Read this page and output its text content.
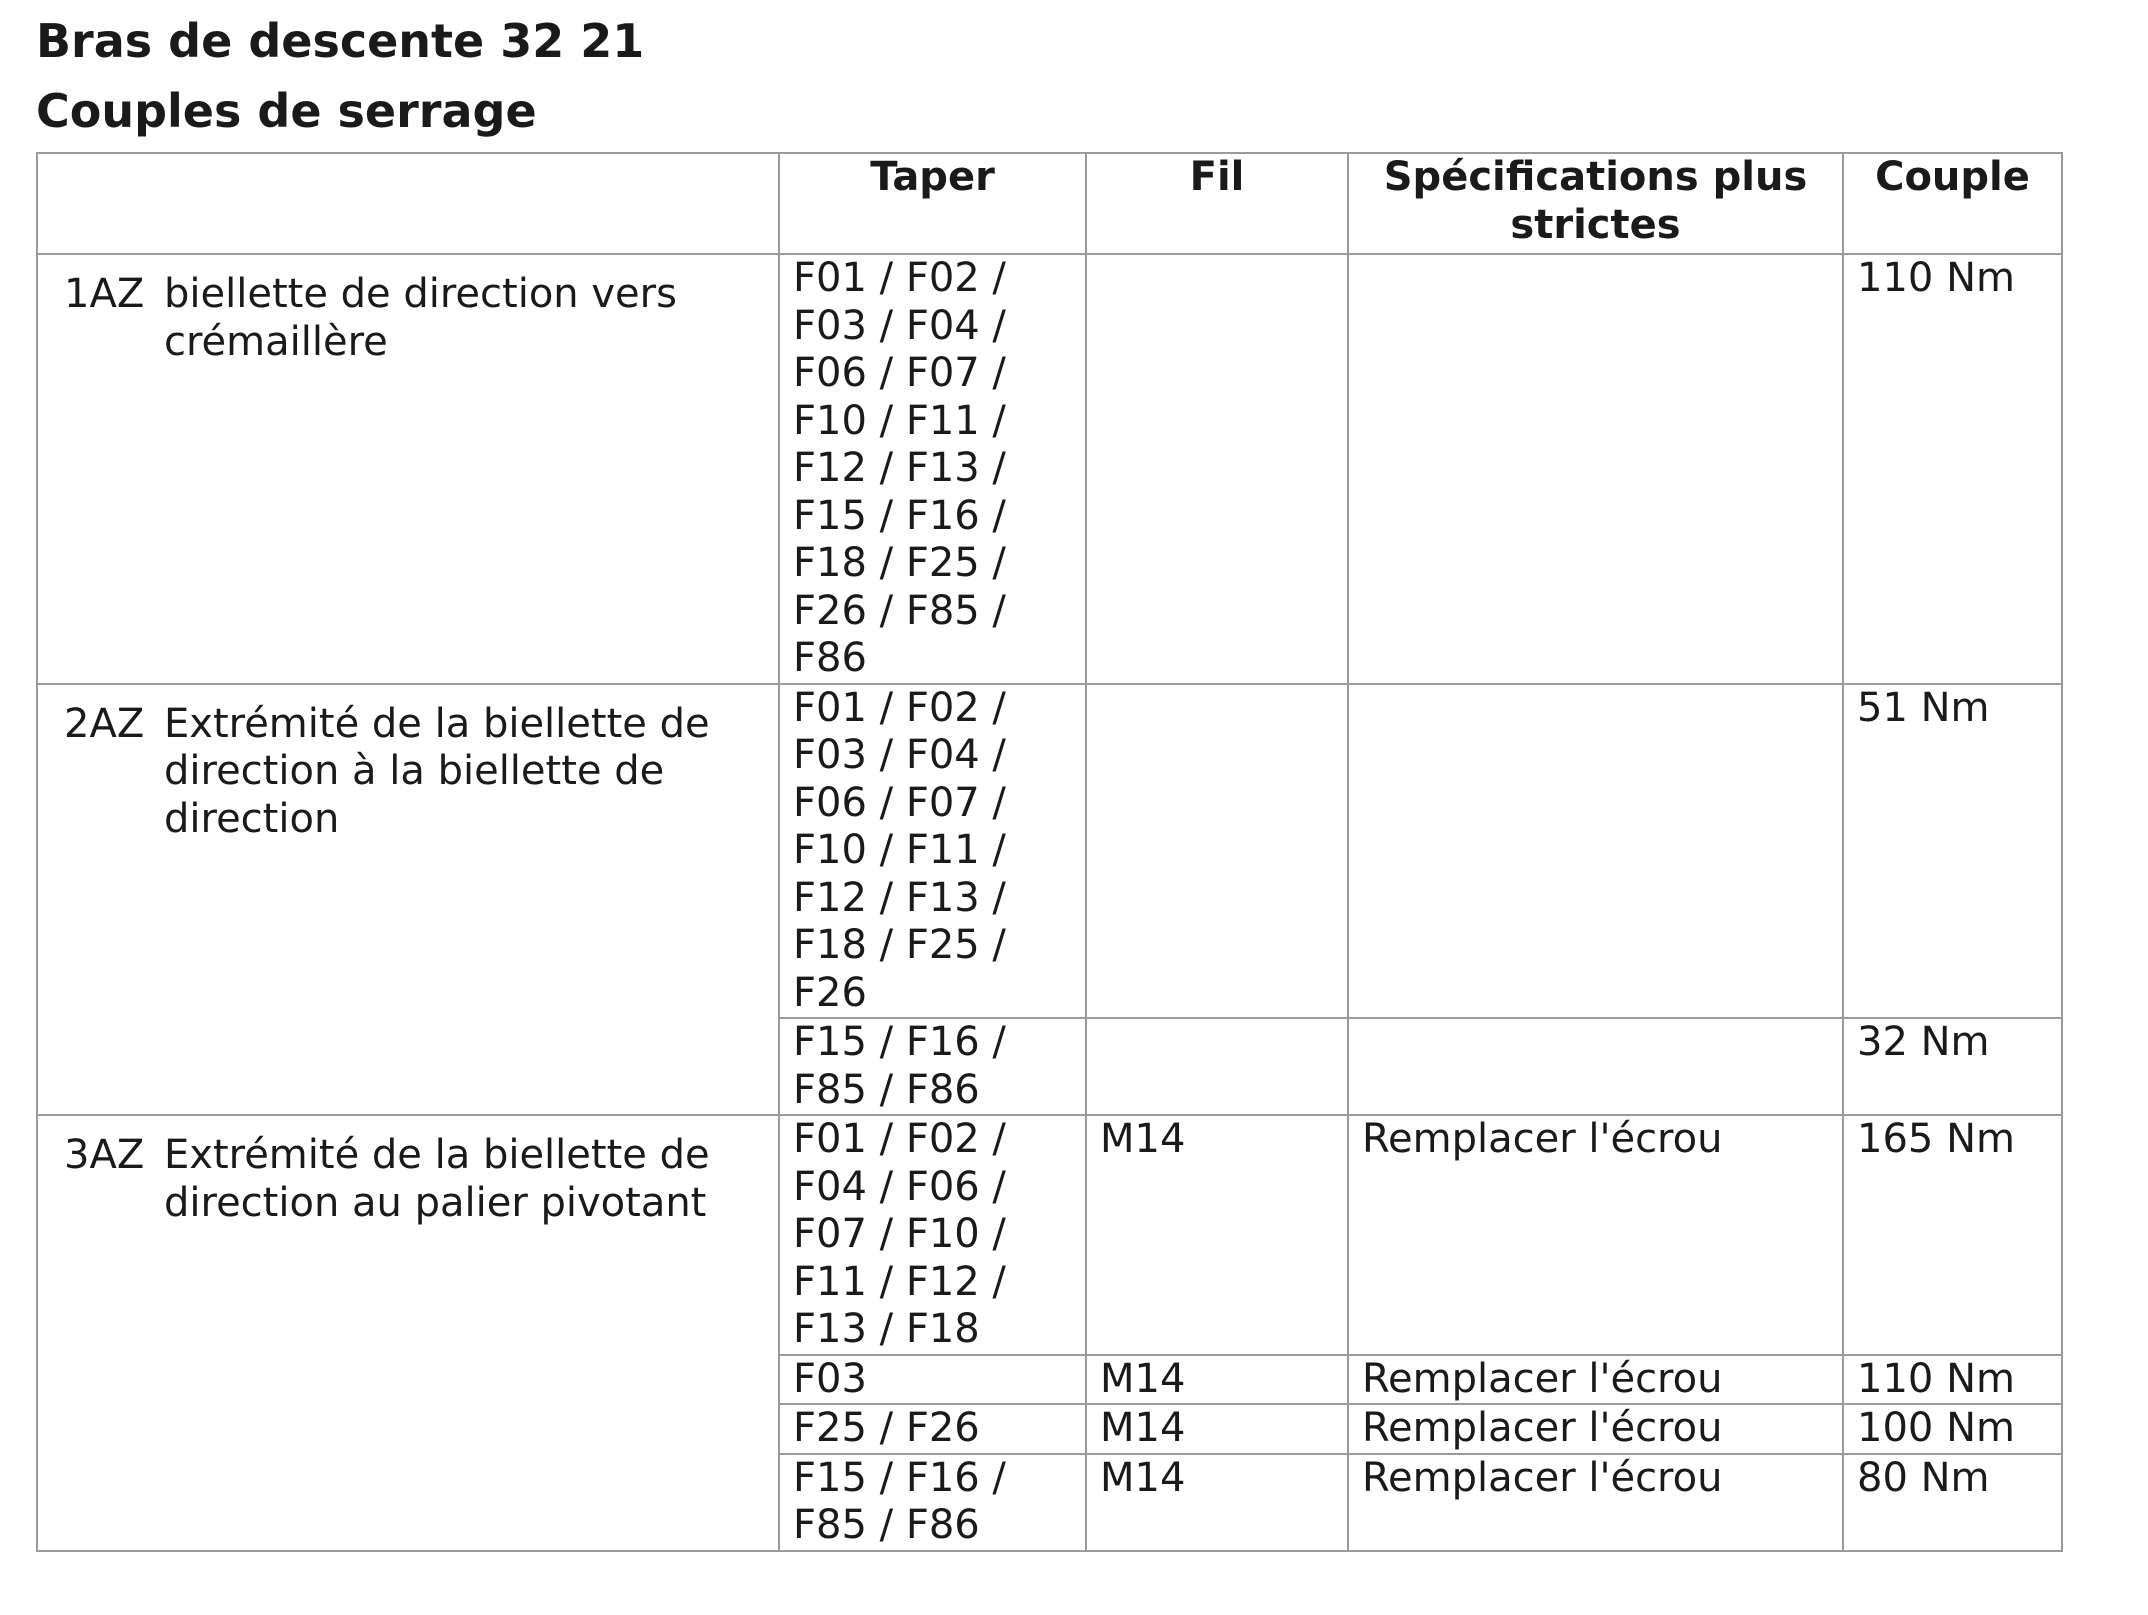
Bras de descente 32 21
Couples de serrage
	Taper	Fil	Spécifications plus strictes	Couple

1AZ biellette de direction vers crémaillère	F01 / F02 / F03 / F04 / F06 / F07 / F10 / F11 / F12 / F13 / F15 / F16 / F18 / F25 / F26 / F85 / F86			110 Nm

2AZ Extrémité de la biellette de direction à la biellette de direction	F01 / F02 / F03 / F04 / F06 / F07 / F10 / F11 / F12 / F13 / F18 / F25 / F26			51 Nm

	F15 / F16 / F85 / F86			32 Nm

3AZ Extrémité de la biellette de direction au palier pivotant	F01 / F02 / F04 / F06 / F07 / F10 / F11 / F12 / F13 / F18	M14	Remplacer l'écrou	165 Nm

	F03	M14	Remplacer l'écrou	110 Nm

	F25 / F26	M14	Remplacer l'écrou	100 Nm

	F15 / F16 / F85 / F86	M14	Remplacer l'écrou	80 Nm
